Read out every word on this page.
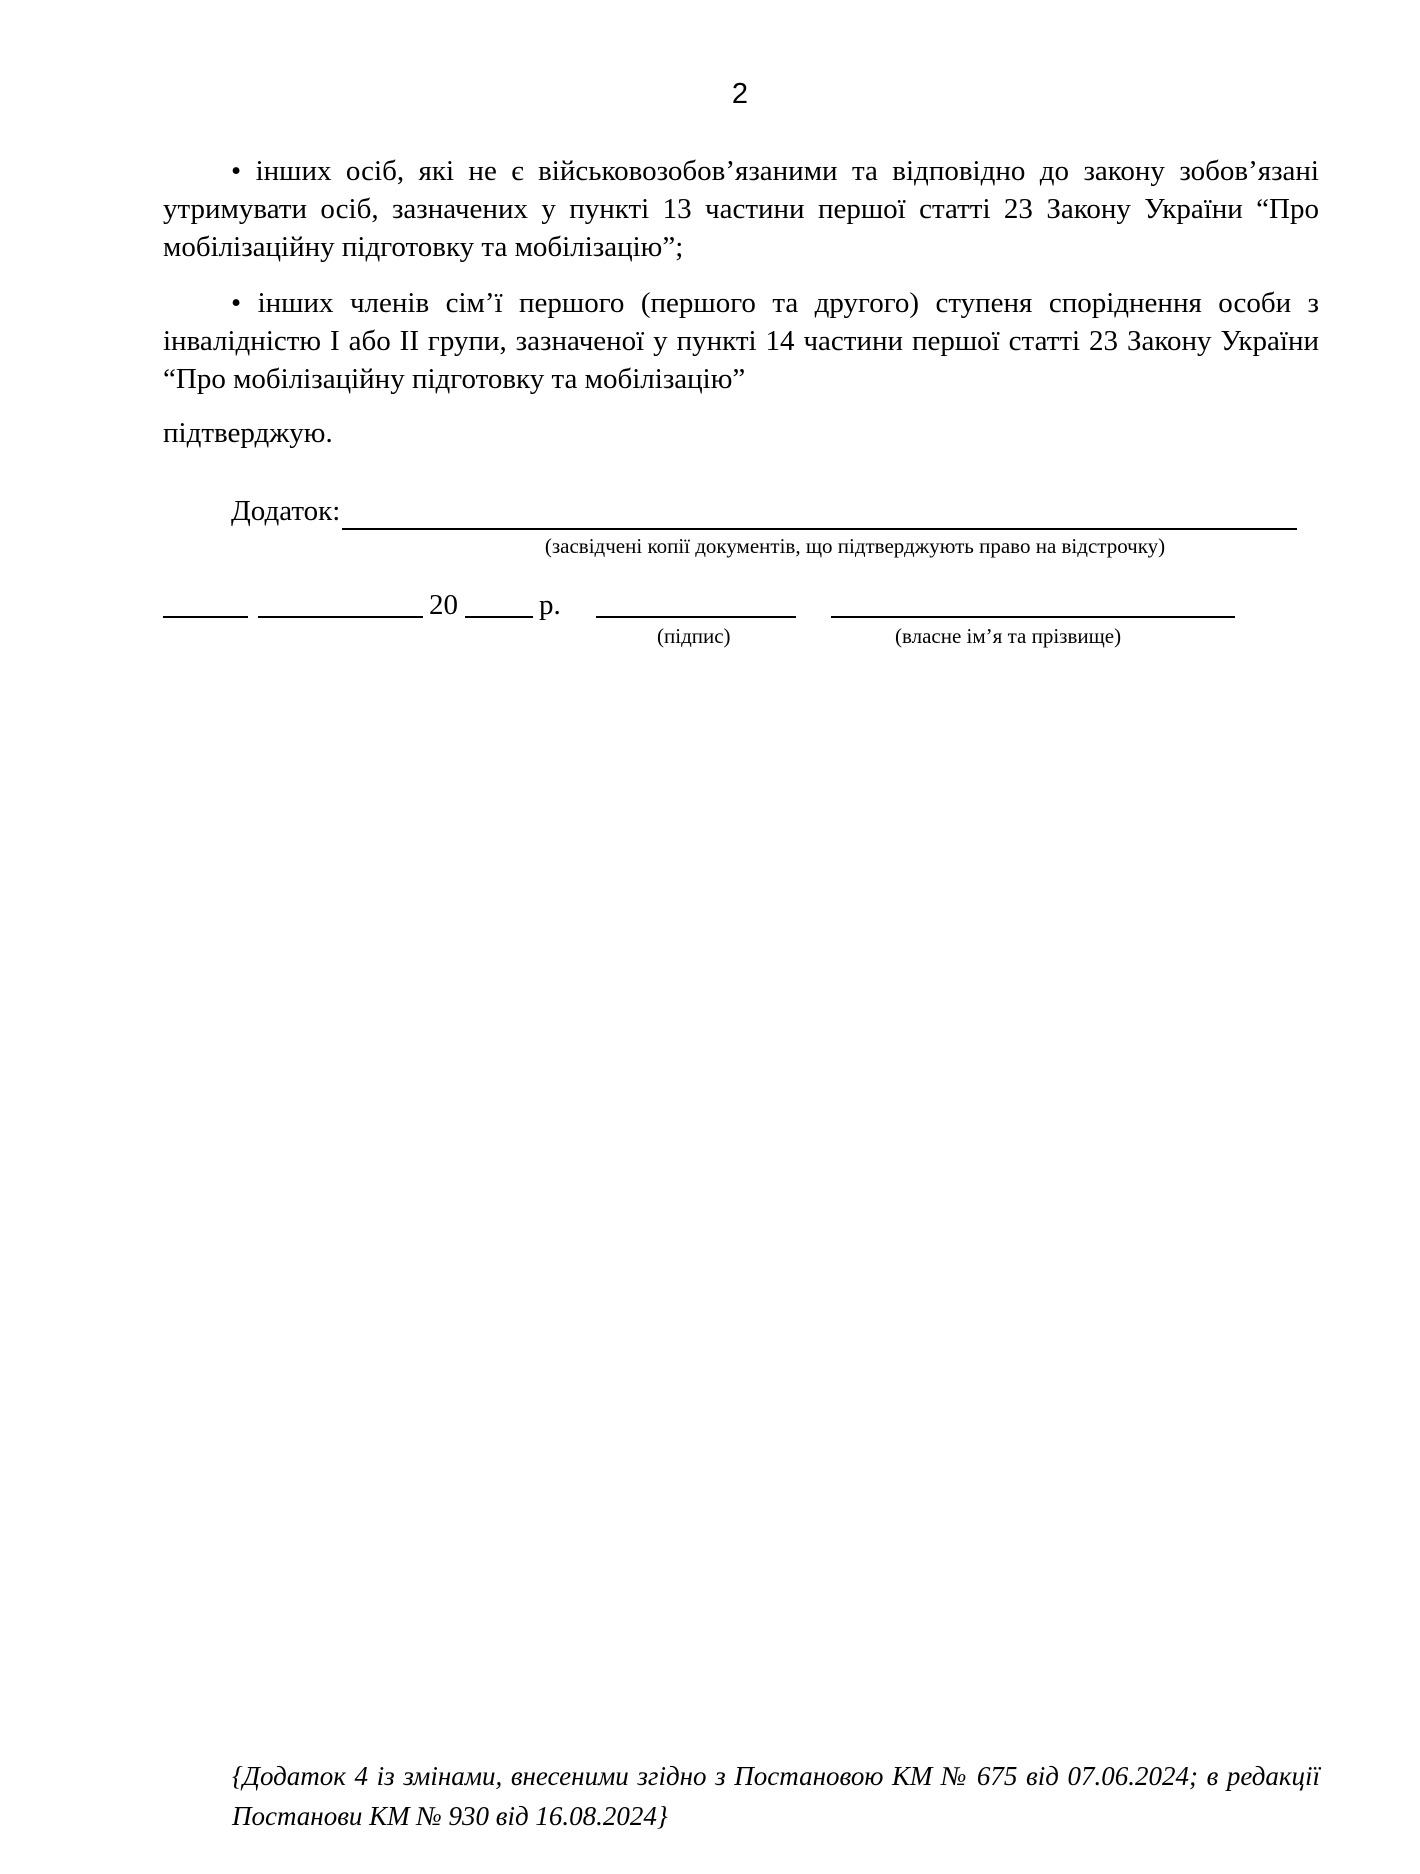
2

• інших осіб, які не є військовозобов’язаними та відповідно до закону зобов’язані утримувати осіб, зазначених у пункті 13 частини першої статті 23 Закону України “Про мобілізаційну підготовку та мобілізацію”;

• інших членів сім’ї першого (першого та другого) ступеня споріднення особи з інвалідністю I або II групи, зазначеної у пункті 14 частини першої статті 23 Закону України “Про мобілізаційну підготовку та мобілізацію”

підтверджую.
Додаток:
(засвідчені копії документів, що підтверджують право на відстрочку)
20	р.
(підпис)	(власне ім’я та прізвище)
{Додаток 4 із змінами, внесеними згідно з Постановою КМ № 675 від 07.06.2024; в редакції Постанови КМ № 930 від 16.08.2024}
